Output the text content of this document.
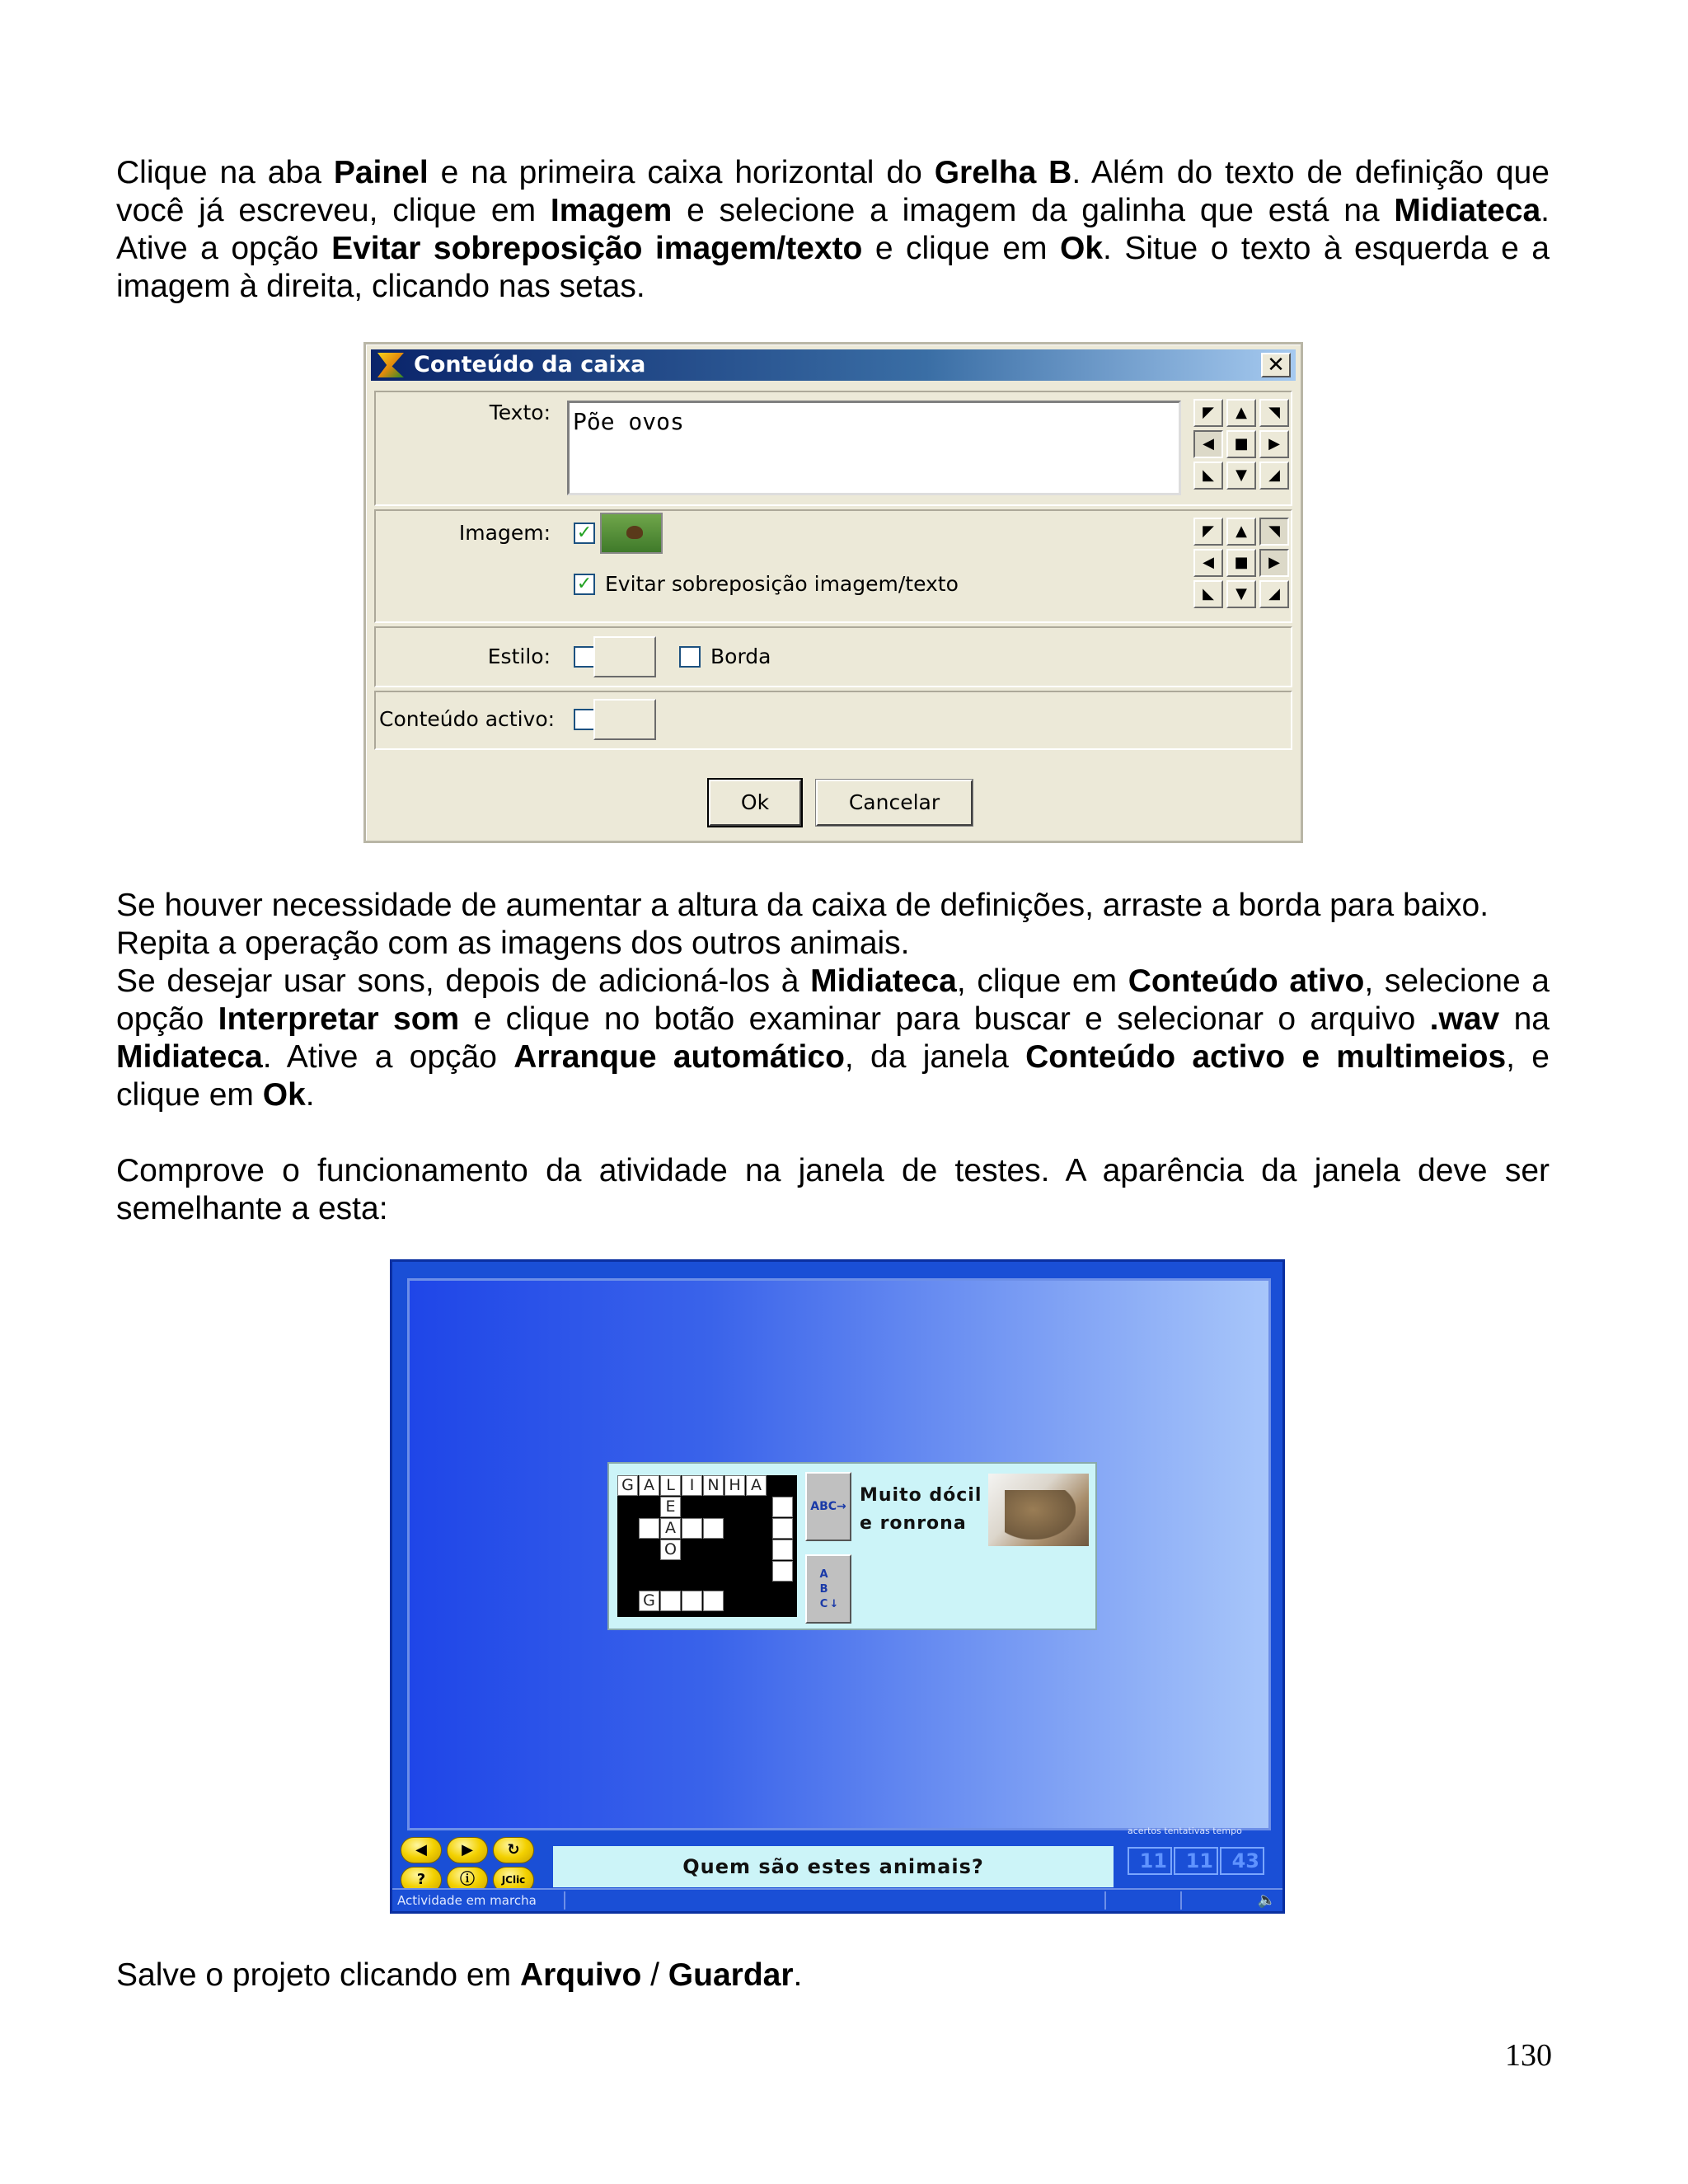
Clique na aba Painel e na primeira caixa horizontal do Grelha B. Além do texto de definição que
você já escreveu, clique em Imagem e selecione a imagem da galinha que está na Midiateca.
Ative a opção Evitar sobreposição imagem/texto e clique em Ok. Situe o texto à esquerda e a
imagem à direita, clicando nas setas.
Conteúdo da caixa	✕
Texto: Põe ovos	◤	▲	◥
◀	■	▶
◣	▼	◢
Imagem: ✓
✓ Evitar sobreposição imagem/texto
◤	▲	◥
◀	■	▶
◣	▼	◢
Estilo:	Borda
Conteúdo activo:
Ok	Cancelar
Se houver necessidade de aumentar a altura da caixa de definições, arraste a borda para baixo.
Repita a operação com as imagens dos outros animais.
Se desejar usar sons, depois de adicioná-los à Midiateca, clique em Conteúdo ativo, selecione a
opção Interpretar som e clique no botão examinar para buscar e selecionar o arquivo .wav na
Midiateca. Ative a opção Arranque automático, da janela Conteúdo activo e multimeios, e
clique em Ok.
Comprove o funcionamento da atividade na janela de testes. A aparência da janela deve ser
semelhante a esta:
G A L I N H A
E
A
O
G
ABC→
A B C ↓
Muito dócil
e ronrona
◀	▶	↻
?	ⓘ	JClic
Quem são estes animais?
acertos tentativas tempo
11 11 43
Actividade em marcha	🔈
Salve o projeto clicando em Arquivo / Guardar.
130
